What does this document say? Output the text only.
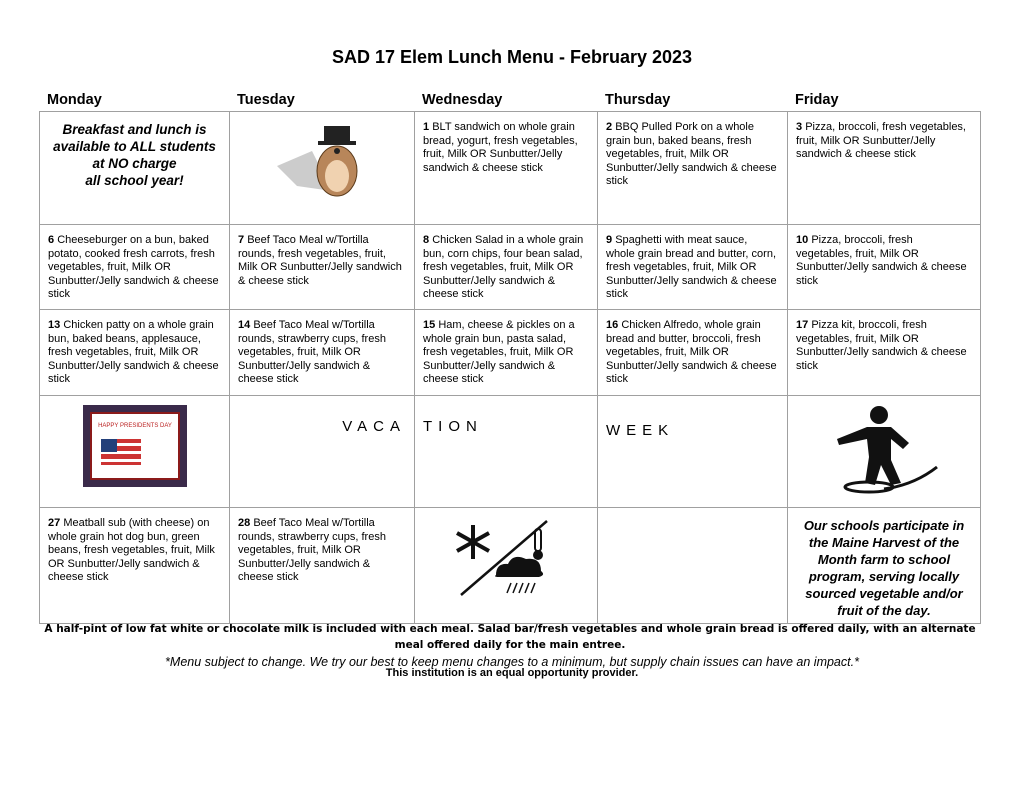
SAD 17 Elem Lunch Menu - February 2023
Monday	Tuesday	Wednesday	Thursday	Friday
Breakfast and lunch is
available to ALL students
at NO charge
all school year!		1 BLT sandwich on whole grain bread, yogurt, fresh vegetables, fruit, Milk OR Sunbutter/Jelly sandwich & cheese stick	2 BBQ Pulled Pork on a whole grain bun, baked beans, fresh vegetables, fruit, Milk OR Sunbutter/Jelly sandwich & cheese stick	3 Pizza, broccoli, fresh vegetables, fruit, Milk OR Sunbutter/Jelly sandwich & cheese stick
6 Cheeseburger on a bun, baked potato, cooked fresh carrots, fresh vegetables, fruit, Milk OR Sunbutter/Jelly sandwich & cheese stick	7 Beef Taco Meal w/Tortilla rounds, fresh vegetables, fruit, Milk OR Sunbutter/Jelly sandwich & cheese stick	8 Chicken Salad in a whole grain bun, corn chips, four bean salad, fresh vegetables, fruit, Milk OR Sunbutter/Jelly sandwich & cheese stick	9 Spaghetti with meat sauce, whole grain bread and butter, corn, fresh vegetables, fruit, Milk OR Sunbutter/Jelly sandwich & cheese stick	10 Pizza, broccoli, fresh vegetables, fruit, Milk OR Sunbutter/Jelly sandwich & cheese stick
13 Chicken patty on a whole grain bun, baked beans, applesauce, fresh vegetables, fruit, Milk OR Sunbutter/Jelly sandwich & cheese stick	14 Beef Taco Meal w/Tortilla rounds, strawberry cups, fresh vegetables, fruit, Milk OR Sunbutter/Jelly sandwich & cheese stick	15 Ham, cheese & pickles on a whole grain bun, pasta salad, fresh vegetables, fruit, Milk OR Sunbutter/Jelly sandwich & cheese stick	16 Chicken Alfredo, whole grain bread and butter, broccoli, fresh vegetables, fruit, Milk OR Sunbutter/Jelly sandwich & cheese stick	17 Pizza kit, broccoli, fresh vegetables, fruit, Milk OR Sunbutter/Jelly sandwich & cheese stick

HAPPY PRESIDENTS DAY	VACA	TION	WEEK	

27 Meatball sub (with cheese) on whole grain hot dog bun, green beans, fresh vegetables, fruit, Milk OR Sunbutter/Jelly sandwich & cheese stick	28 Beef Taco Meal w/Tortilla rounds, strawberry cups, fresh vegetables, fruit, Milk OR Sunbutter/Jelly sandwich & cheese stick			Our schools participate in the Maine Harvest of the Month farm to school program, serving locally sourced vegetable and/or fruit of the day.
A half-pint of low fat white or chocolate milk is included with each meal. Salad bar/fresh vegetables and whole grain bread is offered daily, with an alternate meal offered daily for the main entree.
*Menu subject to change. We try our best to keep menu changes to a minimum, but supply chain issues can have an impact.*
This institution is an equal opportunity provider.
